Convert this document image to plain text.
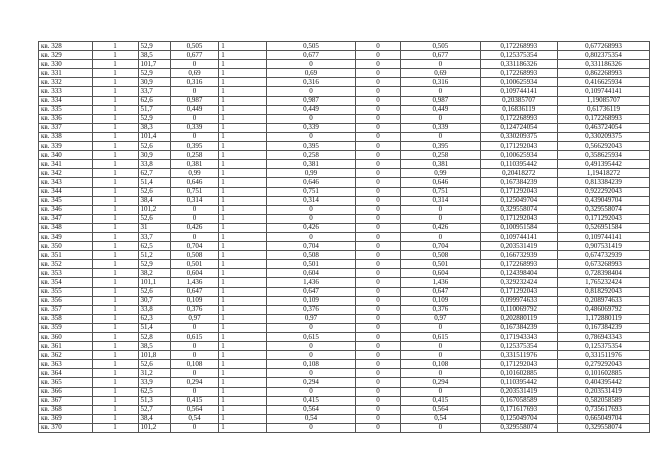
кв. 328	1	52,9	0,505	1	0,505	0	0,505	0,172268993	0,677268993
кв. 329	1	38,5	0,677	1	0,677	0	0,677	0,125375354	0,802375354
кв. 330	1	101,7	0	1	0	0	0	0,331186326	0,331186326
кв. 331	1	52,9	0,69	1	0,69	0	0,69	0,172268993	0,862268993
кв. 332	1	30,9	0,316	1	0,316	0	0,316	0,100625934	0,416625934
кв. 333	1	33,7	0	1	0	0	0	0,109744141	0,109744141
кв. 334	1	62,6	0,987	1	0,987	0	0,987	0,20385707	1,19085707
кв. 335	1	51,7	0,449	1	0,449	0	0,449	0,16836119	0,61736119
кв. 336	1	52,9	0	1	0	0	0	0,172268993	0,172268993
кв. 337	1	38,3	0,339	1	0,339	0	0,339	0,124724054	0,463724054
кв. 338	1	101,4	0	1	0	0	0	0,330209375	0,330209375
кв. 339	1	52,6	0,395	1	0,395	0	0,395	0,171292043	0,566292043
кв. 340	1	30,9	0,258	1	0,258	0	0,258	0,100625934	0,358625934
кв. 341	1	33,8	0,381	1	0,381	0	0,381	0,110395442	0,491395442
кв. 342	1	62,7	0,99	1	0,99	0	0,99	0,20418272	1,19418272
кв. 343	1	51,4	0,646	1	0,646	0	0,646	0,167384239	0,813384239
кв. 344	1	52,6	0,751	1	0,751	0	0,751	0,171292043	0,922292043
кв. 345	1	38,4	0,314	1	0,314	0	0,314	0,125049704	0,439049704
кв. 346	1	101,2	0	1	0	0	0	0,329558074	0,329558074
кв. 347	1	52,6	0	1	0	0	0	0,171292043	0,171292043
кв. 348	1	31	0,426	1	0,426	0	0,426	0,100951584	0,526951584
кв. 349	1	33,7	0	1	0	0	0	0,109744141	0,109744141
кв. 350	1	62,5	0,704	1	0,704	0	0,704	0,203531419	0,907531419
кв. 351	1	51,2	0,508	1	0,508	0	0,508	0,166732939	0,674732939
кв. 352	1	52,9	0,501	1	0,501	0	0,501	0,172268993	0,673268993
кв. 353	1	38,2	0,604	1	0,604	0	0,604	0,124398404	0,728398404
кв. 354	1	101,1	1,436	1	1,436	0	1,436	0,329232424	1,765232424
кв. 355	1	52,6	0,647	1	0,647	0	0,647	0,171292043	0,818292043
кв. 356	1	30,7	0,109	1	0,109	0	0,109	0,099974633	0,208974633
кв. 357	1	33,8	0,376	1	0,376	0	0,376	0,110069792	0,486069792
кв. 358	1	62,3	0,97	1	0,97	0	0,97	0,202880119	1,172880119
кв. 359	1	51,4	0	1	0	0	0	0,167384239	0,167384239
кв. 360	1	52,8	0,615	1	0,615	0	0,615	0,171943343	0,786943343
кв. 361	1	38,5	0	1	0	0	0	0,125375354	0,125375354
кв. 362	1	101,8	0	1	0	0	0	0,331511976	0,331511976
кв. 363	1	52,6	0,108	1	0,108	0	0,108	0,171292043	0,279292043
кв. 364	1	31,2	0	1	0	0	0	0,101602885	0,101602885
кв. 365	1	33,9	0,294	1	0,294	0	0,294	0,110395442	0,404395442
кв. 366	1	62,5	0	1	0	0	0	0,203531419	0,203531419
кв. 367	1	51,3	0,415	1	0,415	0	0,415	0,167058589	0,582058589
кв. 368	1	52,7	0,564	1	0,564	0	0,564	0,171617693	0,735617693
кв. 369	1	38,4	0,54	1	0,54	0	0,54	0,125049704	0,665049704
кв. 370	1	101,2	0	1	0	0	0	0,329558074	0,329558074
